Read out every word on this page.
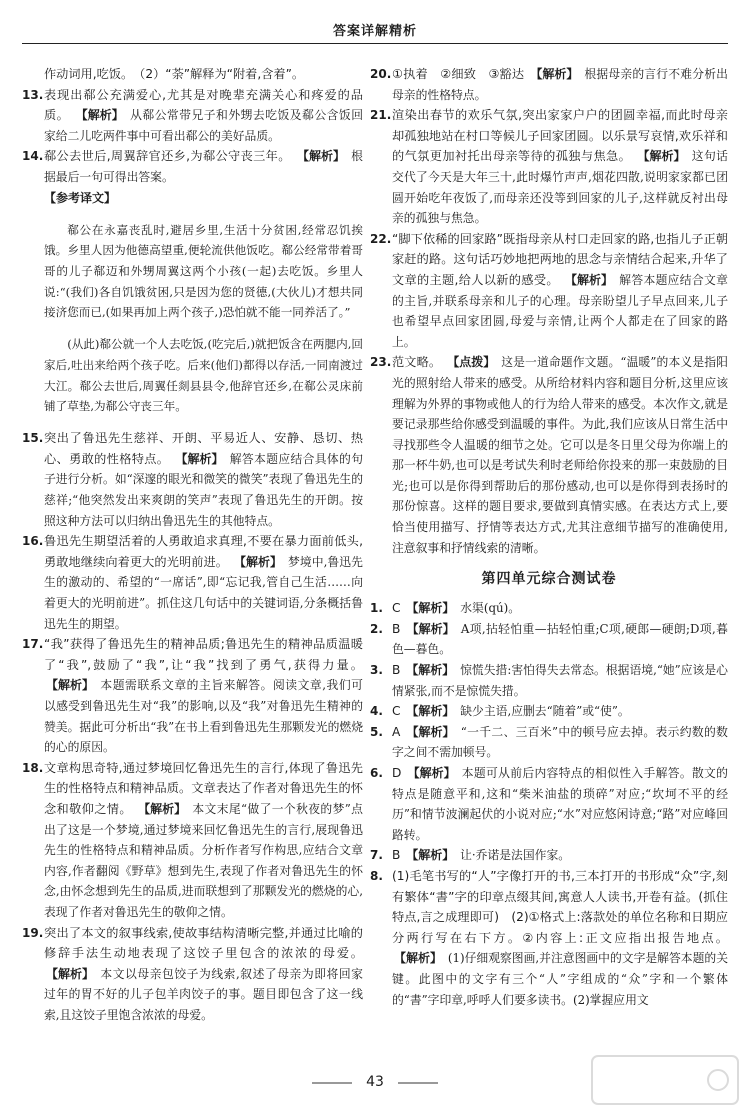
答案详解精析

作动词用,吃饭。　（2）“荼”解释为“附着,含着”。

13. 表现出郗公充满爱心,尤其是对晚辈充满关心和疼爱的品质。 【解析】 从郗公常带兄子和外甥去吃饭及郗公含饭回家给二儿吃两件事中可看出郗公的美好品质。

14. 郗公去世后,周翼辞官还乡,为郗公守丧三年。 【解析】 根据最后一句可得出答案。

【参考译文】

郗公在永嘉丧乱时,避居乡里,生活十分贫困,经常忍饥挨饿。乡里人因为他德高望重,便轮流供他饭吃。郗公经常带着哥哥的儿子郗迈和外甥周翼这两个小孩(一起)去吃饭。乡里人说:“(我们)各自饥饿贫困,只是因为您的贤德,(大伙儿)才想共同接济您而已,(如果再加上两个孩子,)恐怕就不能一同养活了。”

(从此)郗公就一个人去吃饭,(吃完后,)就把饭含在两腮内,回家后,吐出来给两个孩子吃。后来(他们)都得以存活,一同南渡过大江。郗公去世后,周翼任剡县县令,他辞官还乡,在郗公灵床前铺了草垫,为郗公守丧三年。

15. 突出了鲁迅先生慈祥、开朗、平易近人、安静、恳切、热心、勇敢的性格特点。 【解析】 解答本题应结合具体的句子进行分析。如“深邃的眼光和微笑的微笑”表现了鲁迅先生的慈祥;“他突然发出来爽朗的笑声”表现了鲁迅先生的开朗。按照这种方法可以归纳出鲁迅先生的其他特点。

16. 鲁迅先生期望活着的人勇敢追求真理,不要在暴力面前低头,勇敢地继续向着更大的光明前进。 【解析】 梦境中,鲁迅先生的激动的、希望的“一席话”,即“忘记我,管自己生活……向着更大的光明前进”。抓住这几句话中的关键词语,分条概括鲁迅先生的期望。

17. “我”获得了鲁迅先生的精神品质;鲁迅先生的精神品质温暖了“我”,鼓励了“我”,让“我”找到了勇气,获得力量。 【解析】 本题需联系文章的主旨来解答。阅读文章,我们可以感受到鲁迅先生对“我”的影响,以及“我”对鲁迅先生精神的赞美。据此可分析出“我”在书上看到鲁迅先生那颗发光的燃烧的心的原因。

18. 文章构思奇特,通过梦境回忆鲁迅先生的言行,体现了鲁迅先生的性格特点和精神品质。文章表达了作者对鲁迅先生的怀念和敬仰之情。 【解析】 本文末尾“做了一个秋夜的梦”点出了这是一个梦境,通过梦境来回忆鲁迅先生的言行,展现鲁迅先生的性格特点和精神品质。分析作者写作构思,应结合文章内容,作者翻阅《野草》想到先生,表现了作者对鲁迅先生的怀念,由怀念想到先生的品质,进而联想到了那颗发光的燃烧的心,表现了作者对鲁迅先生的敬仰之情。

19. 突出了本文的叙事线索,使故事结构清晰完整,并通过比喻的修辞手法生动地表现了这饺子里包含的浓浓的母爱。 【解析】 本文以母亲包饺子为线索,叙述了母亲为即将回家过年的胃不好的儿子包羊肉饺子的事。题目即包含了这一线索,且这饺子里饱含浓浓的母爱。

20. ①执着　②细致　③豁达 【解析】 根据母亲的言行不难分析出母亲的性格特点。

21. 渲染出春节的欢乐气氛,突出家家户户的团圆幸福,而此时母亲却孤独地站在村口等候儿子回家团圆。以乐景写哀情,欢乐祥和的气氛更加衬托出母亲等待的孤独与焦急。 【解析】 这句话交代了今天是大年三十,此时爆竹声声,烟花四散,说明家家都已团圆开始吃年夜饭了,而母亲还没等到回家的儿子,这样就反衬出母亲的孤独与焦急。

22. “脚下依稀的回家路”既指母亲从村口走回家的路,也指儿子正朝家赶的路。这句话巧妙地把两地的思念与亲情结合起来,升华了文章的主题,给人以新的感受。 【解析】 解答本题应结合文章的主旨,并联系母亲和儿子的心理。母亲盼望儿子早点回来,儿子也希望早点回家团圆,母爱与亲情,让两个人都走在了回家的路上。

23. 范文略。 【点拨】 这是一道命题作文题。“温暖”的本义是指阳光的照射给人带来的感受。从所给材料内容和题目分析,这里应该理解为外界的事物或他人的行为给人带来的感受。本次作文,就是要记录那些给你感受到温暖的事件。为此,我们应该从日常生活中寻找那些令人温暖的细节之处。它可以是冬日里父母为你端上的那一杯牛奶,也可以是考试失利时老师给你投来的那一束鼓励的目光;也可以是你得到帮助后的那份感动,也可以是你得到表扬时的那份惊喜。这样的题目要求,要做到真情实感。在表达方式上,要恰当使用描写、抒情等表达方式,尤其注意细节描写的准确使用,注意叙事和抒情线索的清晰。

第四单元综合测试卷

1. C 【解析】 水渠(qú)。

2. B 【解析】 A项,拈轻怕重—拈轻怕重;C项,硬郎—硬朗;D项,暮色—暮色。

3. B 【解析】 惊慌失措:害怕得失去常态。根据语境,“她”应该是心情紧张,而不是惊慌失措。

4. C 【解析】 缺少主语,应删去“随着”或“使”。

5. A 【解析】 “一千二、三百米”中的顿号应去掉。表示约数的数字之间不需加顿号。

6. D 【解析】 本题可从前后内容特点的相似性入手解答。散文的特点是随意平和,这和“柴米油盐的琐碎”对应;“坎坷不平的经历”和情节波澜起伏的小说对应;“水”对应悠闲诗意;“路”对应峰回路转。

7. B 【解析】 让·乔诺是法国作家。

8. (1)毛笔书写的“人”字像打开的书,三本打开的书形成“众”字,刻有繁体“書”字的印章点缀其间,寓意人人读书,开卷有益。(抓住特点,言之成理即可)　(2)①格式上:落款处的单位名称和日期应分两行写在右下方。②内容上:正文应指出报告地点。 【解析】 (1)仔细观察图画,并注意图画中的文字是解答本题的关键。此图中的文字有三个“人”字组成的“众”字和一个繁体的“書”字印章,呼呼人们要多读书。(2)掌握应用文

43
